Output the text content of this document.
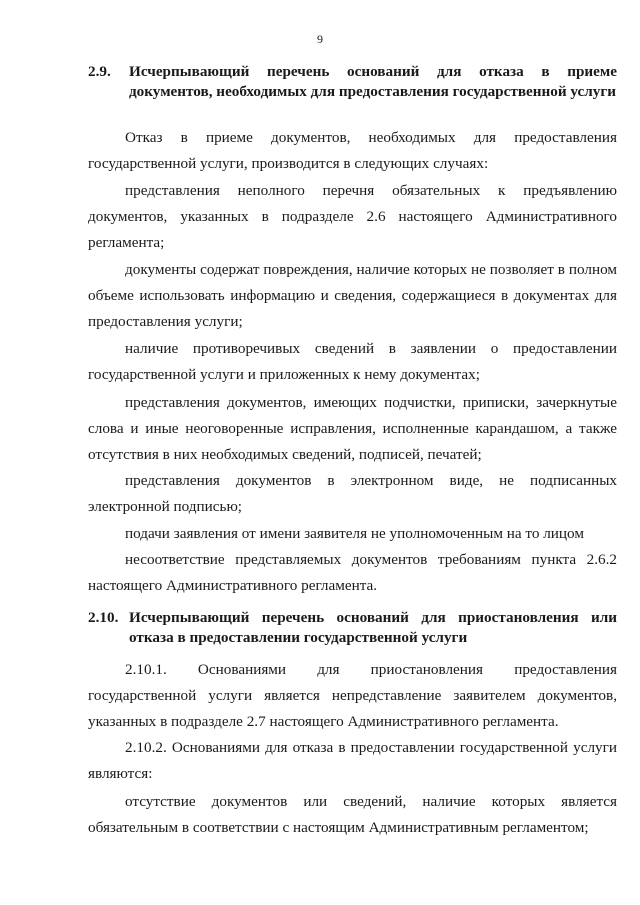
9
2.9.	Исчерпывающий перечень оснований для отказа в приеме документов, необходимых для предоставления государственной услуги
Отказ в приеме документов, необходимых для предоставления государственной услуги, производится в следующих случаях:
представления неполного перечня обязательных к предъявлению документов, указанных в подразделе 2.6 настоящего Административного регламента;
документы содержат повреждения, наличие которых не позволяет в полном объеме использовать информацию и сведения, содержащиеся в документах для предоставления услуги;
наличие противоречивых сведений в заявлении о предоставлении государственной услуги и приложенных к нему документах;
представления документов, имеющих подчистки, приписки, зачеркнутые слова и иные неоговоренные исправления, исполненные карандашом, а также отсутствия в них необходимых сведений, подписей, печатей;
представления документов в электронном виде, не подписанных электронной подписью;
подачи заявления от имени заявителя не уполномоченным на то лицом
несоответствие представляемых документов требованиям пункта 2.6.2 настоящего Административного регламента.
2.10. Исчерпывающий перечень оснований для приостановления или отказа в предоставлении государственной услуги
2.10.1. Основаниями для приостановления предоставления государственной услуги является непредставление заявителем документов, указанных в подразделе 2.7 настоящего Административного регламента.
2.10.2. Основаниями для отказа в предоставлении государственной услуги являются:
отсутствие документов или сведений, наличие которых является обязательным в соответствии с настоящим Административным регламентом;
